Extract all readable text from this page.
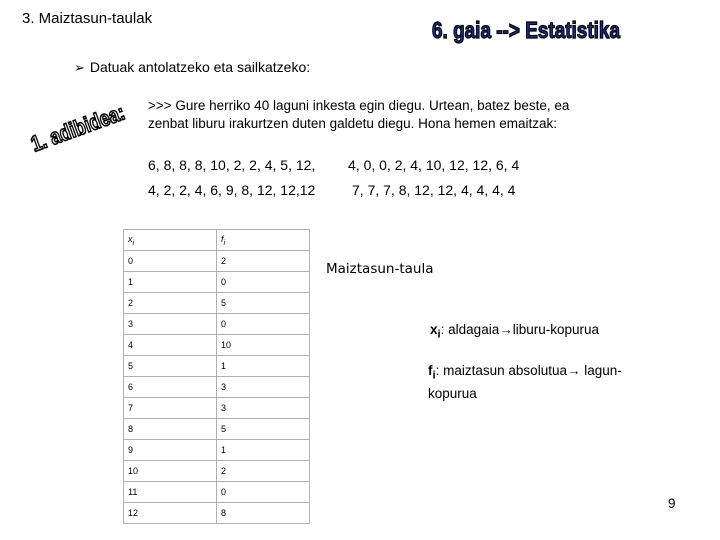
3. Maiztasun-taulak	6. gaia --> Estatistika
➢ Datuak antolatzeko eta sailkatzeko:
1. adibidea:
>>> Gure herriko 40 laguni inkesta egin diegu. Urtean, batez beste, ea zenbat liburu irakurtzen duten galdetu diegu. Hona hemen emaitzak:
6, 8, 8, 8, 10, 2, 2, 4, 5, 12, 4, 0, 0, 2, 4, 10, 12, 12, 6, 4
4, 2, 2, 4, 6, 9, 8, 12, 12,12	7, 7, 7, 8, 12, 12, 4, 4, 4, 4
$x_i$	$f_i$
0	2
1	0
2	5
3	0
4	10
5	1
6	3
7	3
8	5
9	1
10	2
11	0
12	8
Maiztasun-taula
$x_i$: aldagaia→liburu-kopurua
$f_i$: maiztasun absolutua→ lagun-kopurua
9
